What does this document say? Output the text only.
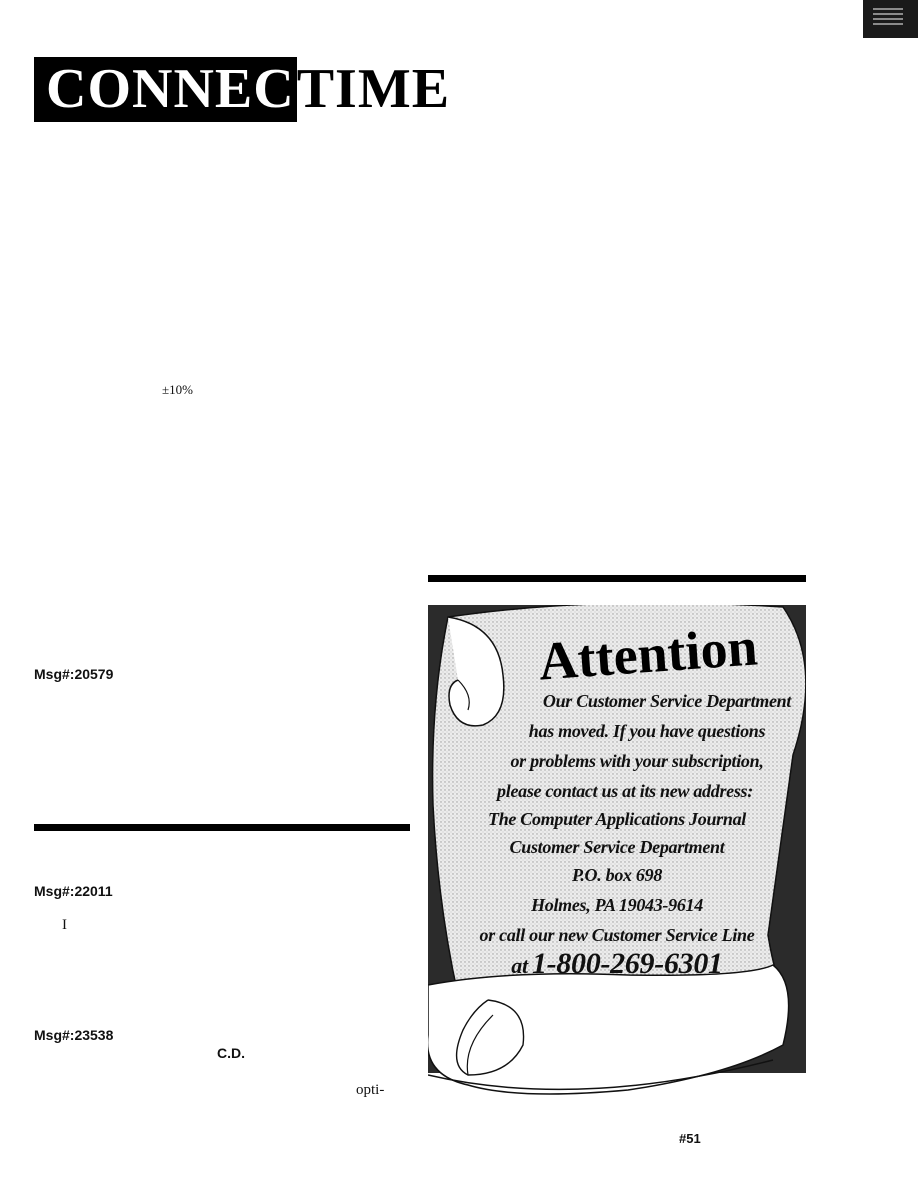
CONNEC TIME
±10%
Msg#:20579
Msg#:22011
I
Msg#:23538
C.D.
opti-
Attention
Our Customer Service Department
has moved. If you have questions
or problems with your subscription,
please contact us at its new address:
The Computer Applications Journal
Customer Service Department
P.O. box 698
Holmes, PA 19043-9614
or call our new Customer Service Line
at 1-800-269-6301
#51
